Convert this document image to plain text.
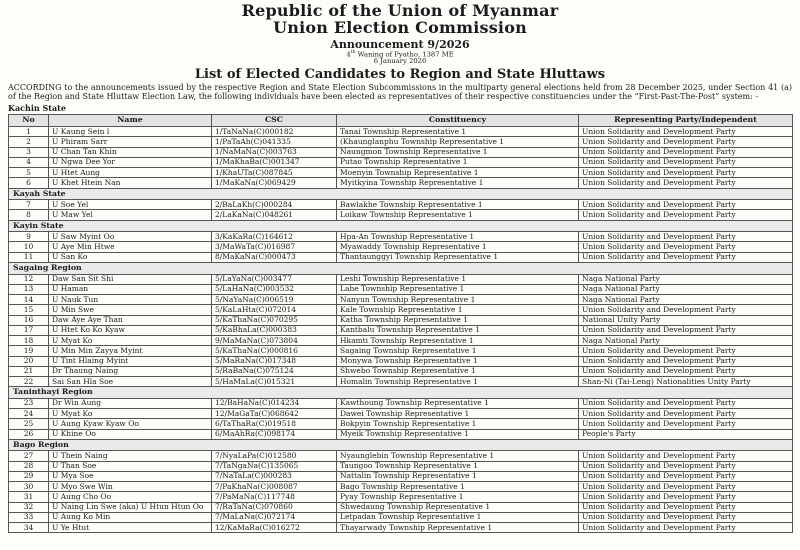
Republic of the Union of Myanmar
Union Election Commission
Announcement 9/2026
4th Waning of Pyatho, 1387 ME
6 January 2026
List of Elected Candidates to Region and State Hluttaws
ACCORDING to the announcements issued by the respective Region and State Election Subcommissions in the multiparty general elections held from 28 December 2025, under Section 41 (a) of the Region and State Hluttaw Election Law, the following individuals have been elected as representatives of their respective constituencies under the “First-Past-The-Post” system: -
Kachin State
No	Name	CSC	Constituency	Representing Party/Independent
1	U Kaung Sein l	1/TaNaNa(C)000182	Tanai Township Representative 1	Union Solidarity and Development Party
2	U Phiram Sarr	1/PaTaAh(C)041335	(Khaunglanphu Township Representative 1	Union Solidarity and Development Party
3	U Chan Tan Khin	1/NaMaNa(C)003763	Naungmon Township Representative 1	Union Solidarity and Development Party
4	U Ngwa Dee Yor	1/MaKhaBa(C)001347	Putao Township Representative 1	Union Solidarity and Development Party
5	U Htet Aung	1/KhaUTa(C)087845	Moenyin Township Representative 1	Union Solidarity and Development Party
6	U Khet Htein Nan	1/MaKaNa(C)069429	Myitkyina Township Representative 1	Union Solidarity and Development Party
Kayah State				
7	U Soe Yel	2/BaLaKh(C)000284	Bawlakhe Township Representative 1	Union Solidarity and Development Party
8	U Maw Yel	2/LaKaNa(C)048261	Loikaw Township Representative 1	Union Solidarity and Development Party
Kayin State				
9	U Saw Myint Oo	3/KaKaRa(C)164612	Hpa-An Township Representative 1	Union Solidarity and Development Party
10	U Aye Min Htwe	3/MaWaTa(C)016987	Myawaddy Township Representative 1	Union Solidarity and Development Party
11	U San Ko	8/MaKaNa(C)000473	Thantaunggyi Township Representative 1	Union Solidarity and Development Party
Sagaing Region				
12	Daw San Sit Shi	5/LaYaNa(C)003477	Leshi Township Representative 1	Naga National Party
13	U Haman	5/LaHaNa(C)003532	Lahe Township Representative 1	Naga National Party
14	U Nauk Tun	5/NaYaNa(C)006519	Nanyun Township Representative 1	Naga National Party
15	U Min Swe	5/KaLaHta(C)072014	Kale Township Representative 1	Union Solidarity and Development Party
16	Daw Aye Aye Than	5/KaThaNa(C)070295	Katha Township Representative 1	National Unity Party
17	U Htet Ko Ko Kyaw	5/KaBhaLa(C)000383	Kantbalu Township Representative 1	Union Solidarity and Development Party
18	U Myat Ko	9/MaMaNa(C)073804	Hkamti Township Representative 1	Naga National Party
19	U Min Min Zayya Myint	5/KaThaNa(C)000816	Sagaing Township Representative 1	Union Solidarity and Development Party
20	U Tint Hlaing Myint	5/MaRaNa(C)017348	Monywa Township Representative 1	Union Solidarity and Development Party
21	Dr Thaung Naing	5/RaBaNa(C)075124	Shwebo Township Representative 1	Union Solidarity and Development Party
22	Sai San Hla Soe	5/HaMaLa(C)015321	Homalin Township Representative 1	Shan-Ni (Tai-Leng) Nationalities Unity Party
Taninthayi Region				
23	Dr Win Aung	12/BaHaNa(C)014234	Kawthoung Township Representative 1	Union Solidarity and Development Party
24	U Myat Ko	12/MaGaTa(C)068642	Dawei Township Representative 1	Union Solidarity and Development Party
25	U Aung Kyaw Kyaw Oo	6/TaThaRa(C)019518	Bokpyin Township Representative 1	Union Solidarity and Development Party
26	U Khine Oo	6/MaAhRa(C)098174	Myeik Township Representative 1	People's Party
Bago Region				
27	U Thein Naing	7/NyaLaPa(C)012580	Nyaunglebin Township Representative 1	Union Solidarity and Development Party
28	U Than Soe	7/TaNgaNa(C)135065	Taungoo Township Representative 1	Union Solidarity and Development Party
29	U Mya Soe	7/NaTaLa(C)000283	Nattalin Township Representative 1	Union Solidarity and Development Party
30	U Myo Swe Win	7/PaKhaNa(C)008087	Bago Township Representative 1	Union Solidarity and Development Party
31	U Aung Cho Oo	7/PaMaNa(C)117748	Pyay Township Representative 1	Union Solidarity and Development Party
32	U Naing Lin Swe (aka) U Htun Htun Oo	7/RaTaNa(C)070860	Shwedaung Township Representative 1	Union Solidarity and Development Party
33	U Aung Ko Min	7/MaLaNa(C)072174	Letpadan Township Representative 1	Union Solidarity and Development Party
34	U Ye Htut	12/KaMaRa(C)016272	Thayarwady Township Representative 1	Union Solidarity and Development Party
